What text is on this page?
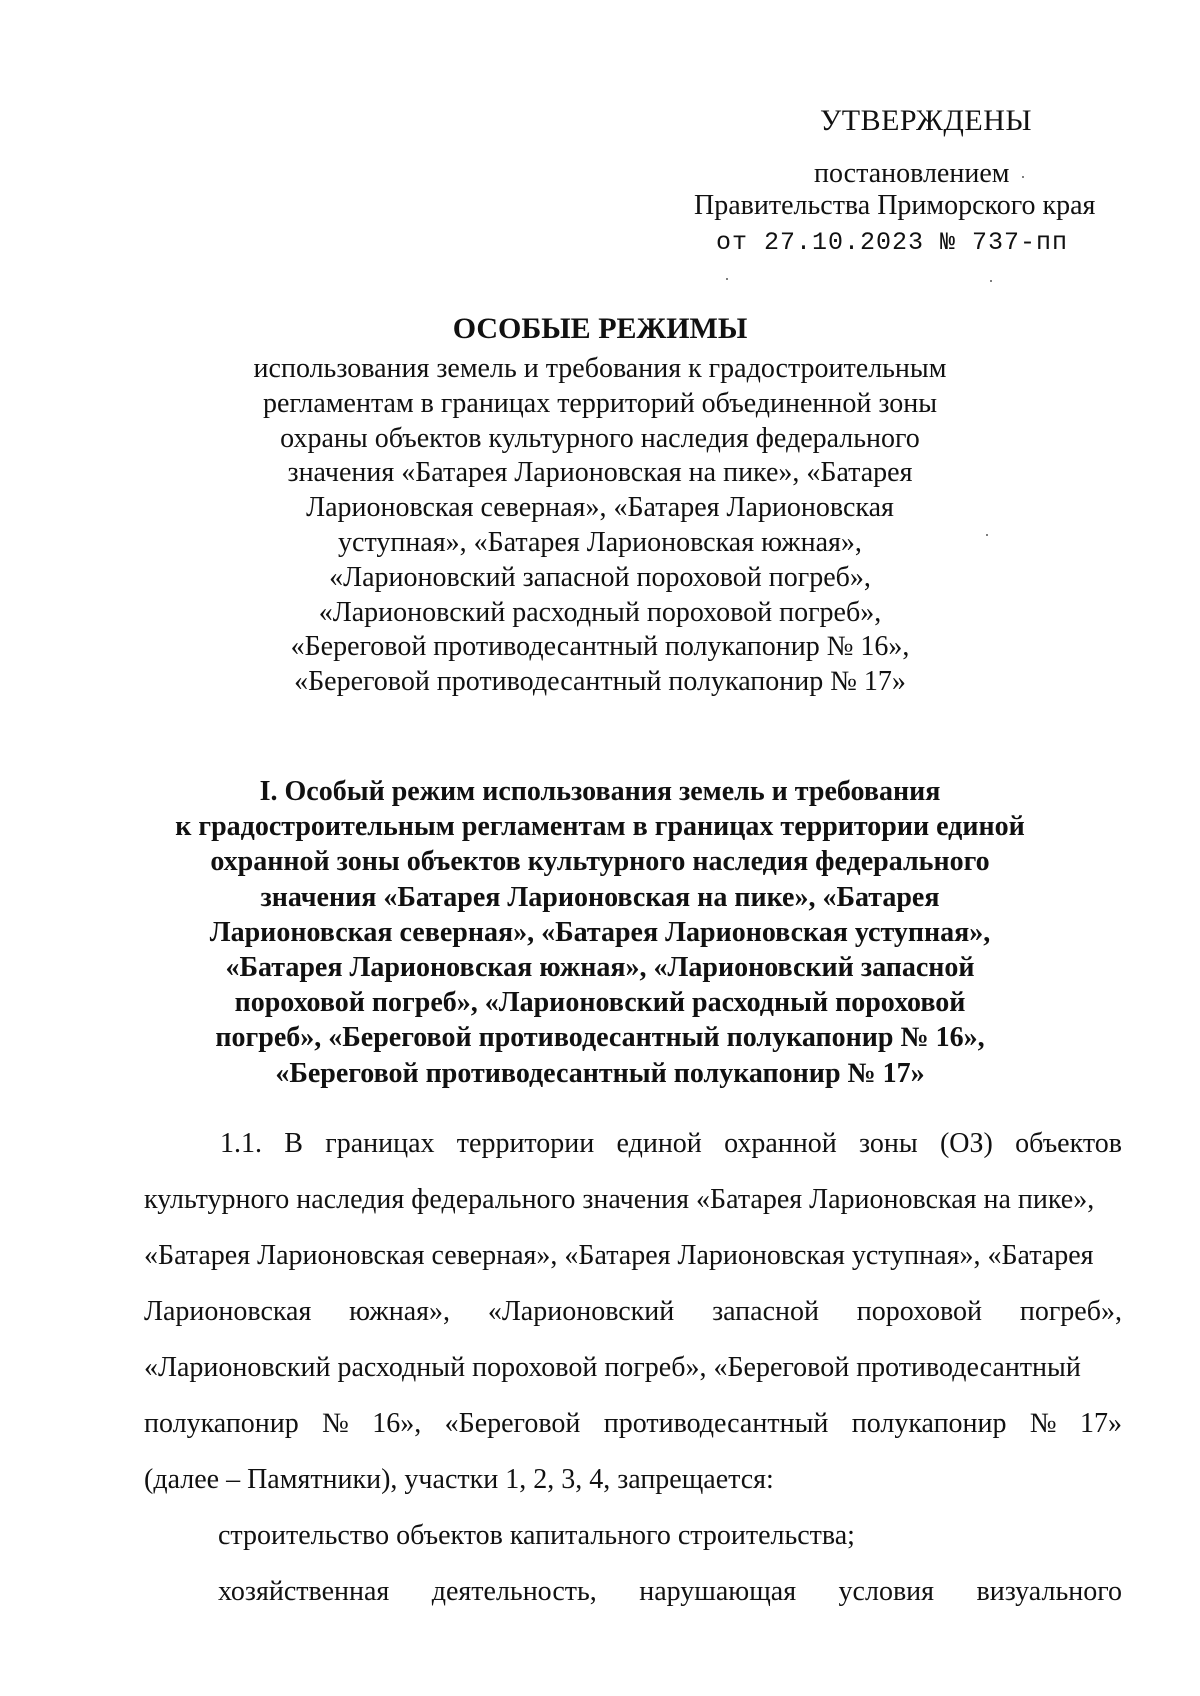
УТВЕРЖДЕНЫ
постановлением
Правительства Приморского края
от 27.10.2023 № 737-пп
ОСОБЫЕ РЕЖИМЫ
использования земель и требования к градостроительным
регламентам в границах территорий объединенной зоны
охраны объектов культурного наследия федерального
значения «Батарея Ларионовская на пике», «Батарея
Ларионовская северная», «Батарея Ларионовская
уступная», «Батарея Ларионовская южная»,
«Ларионовский запасной пороховой погреб»,
«Ларионовский расходный пороховой погреб»,
«Береговой противодесантный полукапонир № 16»,
«Береговой противодесантный полукапонир № 17»
I. Особый режим использования земель и требования
к градостроительным регламентам в границах территории единой
охранной зоны объектов культурного наследия федерального
значения «Батарея Ларионовская на пике», «Батарея
Ларионовская северная», «Батарея Ларионовская уступная»,
«Батарея Ларионовская южная», «Ларионовский запасной
пороховой погреб», «Ларионовский расходный пороховой
погреб», «Береговой противодесантный полукапонир № 16»,
«Береговой противодесантный полукапонир № 17»
1.1. В границах территории единой охранной зоны (ОЗ) объектов
культурного наследия федерального значения «Батарея Ларионовская на пике»,
«Батарея Ларионовская северная», «Батарея Ларионовская уступная», «Батарея
Ларионовская южная», «Ларионовский запасной пороховой погреб»,
«Ларионовский расходный пороховой погреб», «Береговой противодесантный
полукапонир № 16», «Береговой противодесантный полукапонир № 17»
(далее – Памятники), участки 1, 2, 3, 4, запрещается:
строительство объектов капитального строительства;
хозяйственная деятельность, нарушающая условия визуального
